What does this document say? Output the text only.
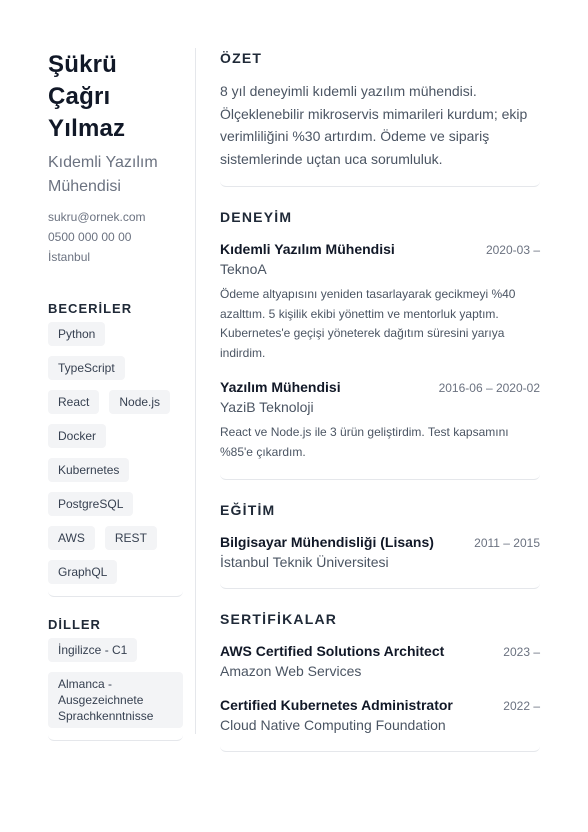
Şükrü Çağrı Yılmaz
Kıdemli Yazılım Mühendisi
sukru@ornek.com
0500 000 00 00
İstanbul
BECERİLER
Python
TypeScript
React	Node.js
Docker
Kubernetes
PostgreSQL
AWS	REST
GraphQL
DİLLER
İngilizce - C1
Almanca - Ausgezeichnete Sprachkenntnisse
ÖZET

8 yıl deneyimli kıdemli yazılım mühendisi. Ölçeklenebilir mikroservis mimarileri kurdum; ekip verimliliğini %30 artırdım. Ödeme ve sipariş sistemlerinde uçtan uca sorumluluk.

DENEYİM
Kıdemli Yazılım Mühendisi	2020-03 –
TeknoA

Ödeme altyapısını yeniden tasarlayarak gecikmeyi %40 azalttım. 5 kişilik ekibi yönettim ve mentorluk yaptım. Kubernetes'e geçişi yöneterek dağıtım süresini yarıya indirdim.

Yazılım Mühendisi	2016-06 – 2020-02
YaziB Teknoloji

React ve Node.js ile 3 ürün geliştirdim. Test kapsamını %85'e çıkardım.

EĞİTİM
Bilgisayar Mühendisliği (Lisans)	2011 – 2015
İstanbul Teknik Üniversitesi
SERTİFİKALAR
AWS Certified Solutions Architect	2023 –
Amazon Web Services
Certified Kubernetes Administrator	2022 –
Cloud Native Computing Foundation
